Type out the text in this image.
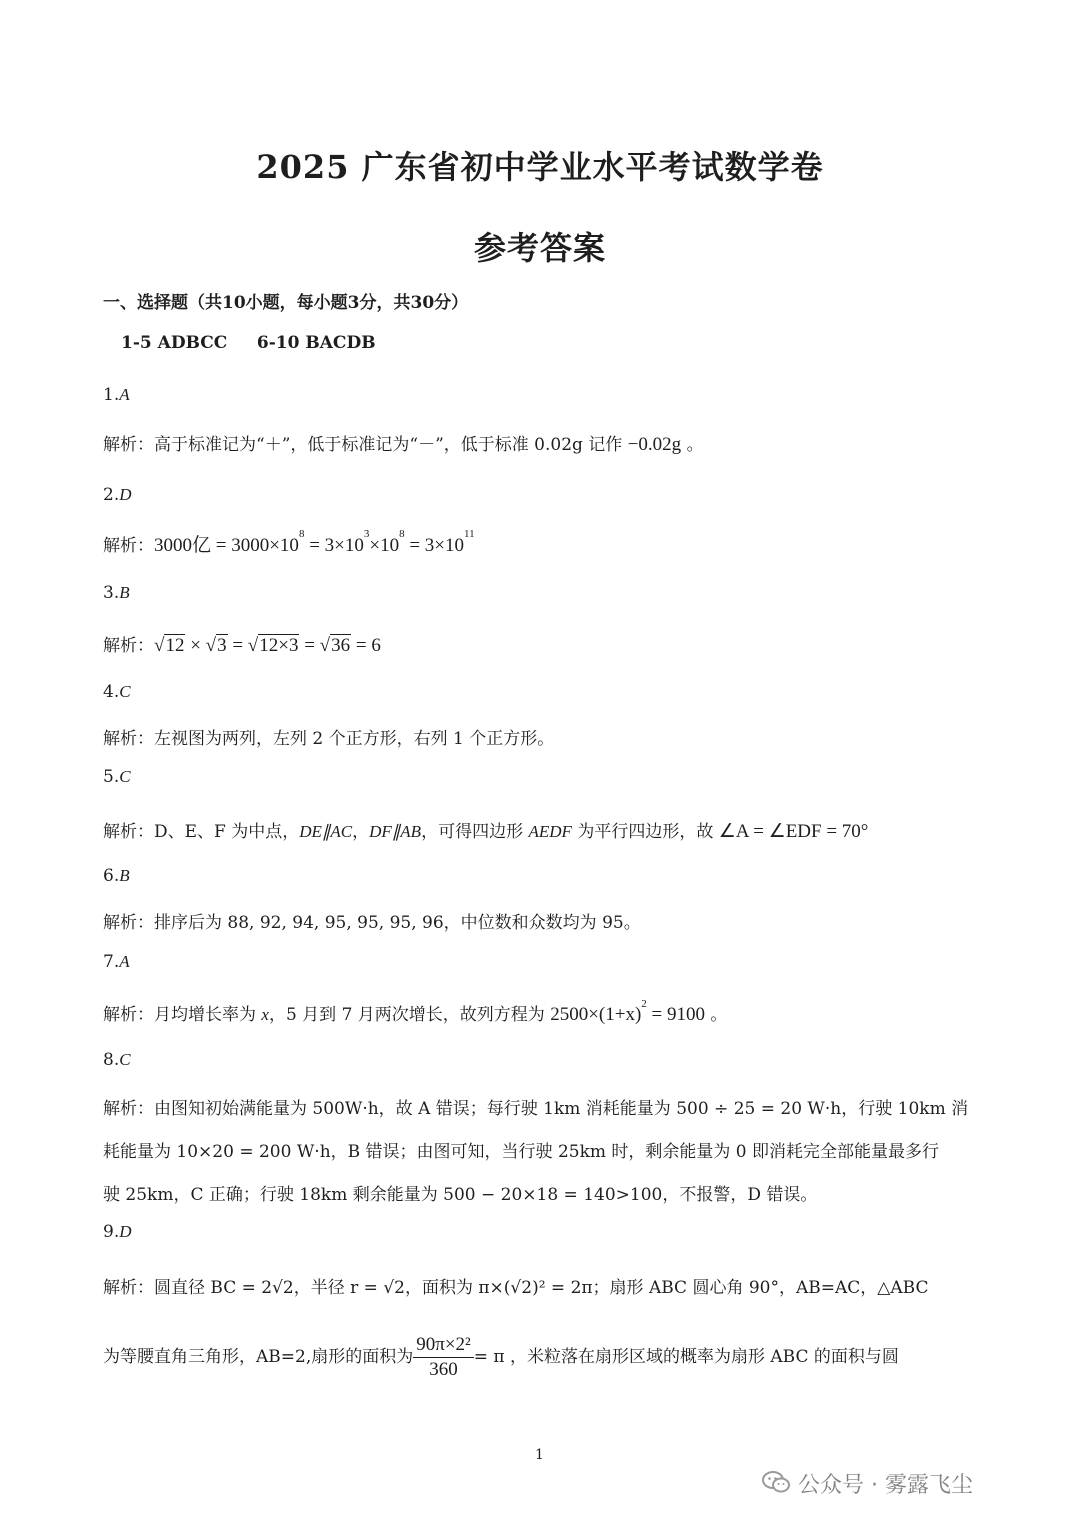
2025 广东省初中学业水平考试数学卷
参考答案
一、选择题（共10小题，每小题3分，共30分）
1-5 ADBCC     6-10 BACDB
1.A
解析：高于标准记为“＋”，低于标准记为“－”，低于标准 0.02g 记作 −0.02g 。
2.D
解析：3000亿 = $3000\times 10^8 = 3\times 10^3\times 10^8 = 3\times 10^{11}$
3.B
解析：√12 × √3 = √12×3 = √36 = 6
4.C
解析：左视图为两列，左列 2 个正方形，右列 1 个正方形。
5.C
解析：D、E、F 为中点，DE∥AC，DF∥AB，可得四边形 AEDF 为平行四边形，故 ∠A = ∠EDF = 70°
6.B
解析：排序后为 88, 92, 94, 95, 95, 95, 96，中位数和众数均为 95。
7.A
解析：月均增长率为 x，5 月到 7 月两次增长，故列方程为 $2500\times(1+x)^2 = 9100$ 。
8.C
解析：由图知初始满能量为 500W·h，故 A 错误；每行驶 1km 消耗能量为 500 ÷ 25 = 20 W·h，行驶 10km 消
耗能量为 10×20 = 200 W·h，B 错误；由图可知，当行驶 25km 时，剩余能量为 0 即消耗完全部能量最多行
驶 25km，C 正确；行驶 18km 剩余能量为 500 − 20×18 = 140>100，不报警，D 错误。
9.D
解析：圆直径 BC = 2√2，半径 r = √2，面积为 π×(√2)² = 2π；扇形 ABC 圆心角 90°，AB=AC，△ABC
为等腰直角三角形，AB=2,扇形的面积为 $\frac{\text{90π×2²}}{360} = \pi$ ，米粒落在扇形区域的概率为扇形 ABC 的面积与圆
1
公众号 · 雾露飞尘
